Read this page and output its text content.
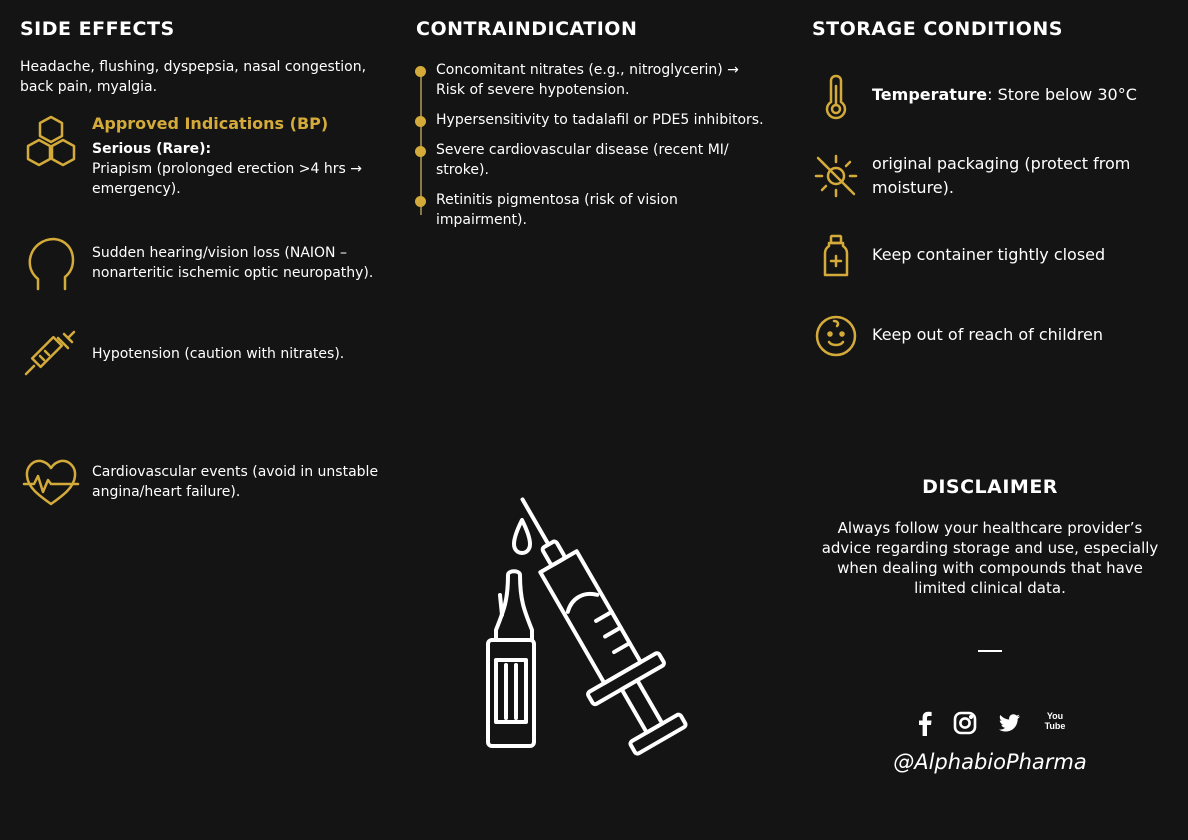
SIDE EFFECTS
Headache, flushing, dyspepsia, nasal congestion, back pain, myalgia.
Approved Indications (BP)
Serious (Rare):
Priapism (prolonged erection >4 hrs → emergency).
Sudden hearing/vision loss (NAION – nonarteritic ischemic optic neuropathy).
Hypotension (caution with nitrates).
Cardiovascular events (avoid in unstable angina/heart failure).
CONTRAINDICATION
Concomitant nitrates (e.g., nitroglycerin) → Risk of severe hypotension.
Hypersensitivity to tadalafil or PDE5 inhibitors.
Severe cardiovascular disease (recent MI/ stroke).
Retinitis pigmentosa (risk of vision impairment).
STORAGE CONDITIONS
Temperature: Store below 30°C
original packaging (protect from moisture).
Keep container tightly closed
Keep out of reach of children
DISCLAIMER
Always follow your healthcare provider’s advice regarding storage and use, especially when dealing with compounds that have limited clinical data.
You Tube
@AlphabioPharma
